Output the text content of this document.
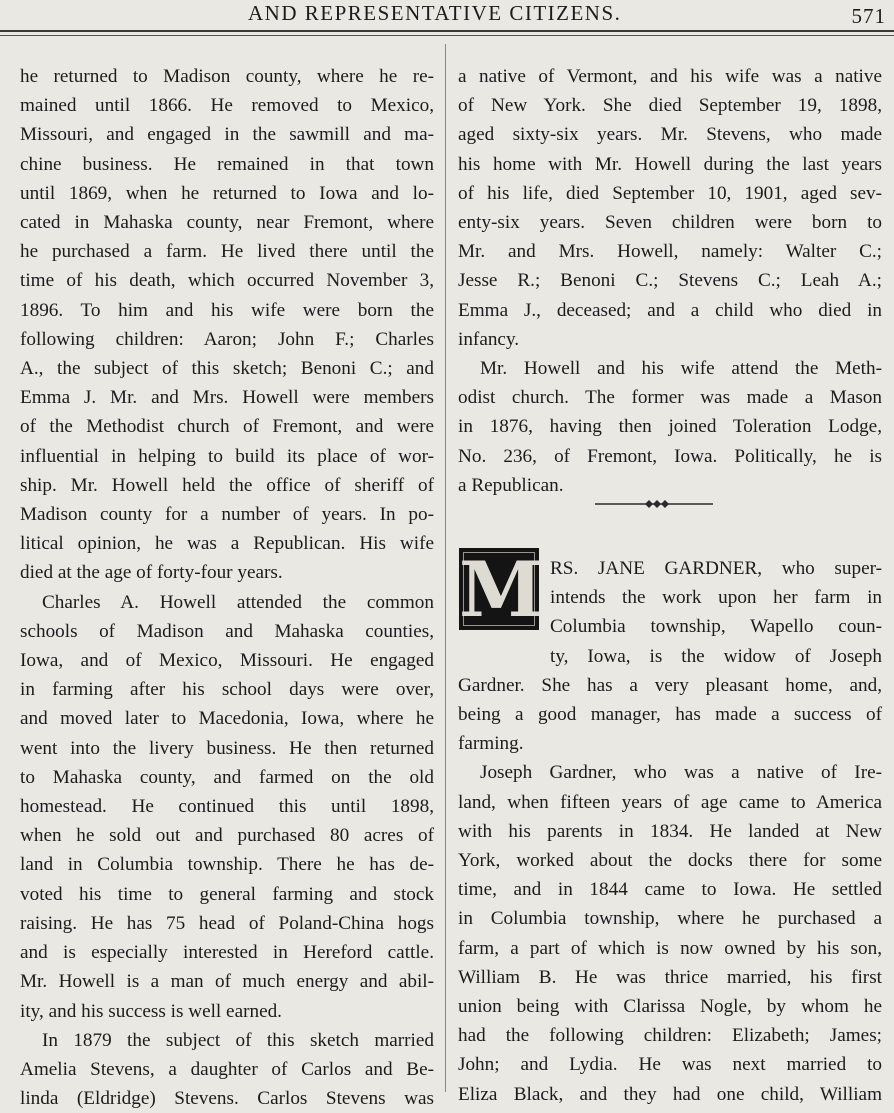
AND REPRESENTATIVE CITIZENS.	571

he returned to Madison county, where he re-
mained until 1866. He removed to Mexico,
Missouri, and engaged in the sawmill and ma-
chine business. He remained in that town
until 1869, when he returned to Iowa and lo-
cated in Mahaska county, near Fremont, where
he purchased a farm. He lived there until the
time of his death, which occurred November 3,
1896. To him and his wife were born the
following children: Aaron; John F.; Charles
A., the subject of this sketch; Benoni C.; and
Emma J. Mr. and Mrs. Howell were members
of the Methodist church of Fremont, and were
influential in helping to build its place of wor-
ship. Mr. Howell held the office of sheriff of
Madison county for a number of years. In po-
litical opinion, he was a Republican. His wife
died at the age of forty-four years.

Charles A. Howell attended the common
schools of Madison and Mahaska counties,
Iowa, and of Mexico, Missouri. He engaged
in farming after his school days were over,
and moved later to Macedonia, Iowa, where he
went into the livery business. He then returned
to Mahaska county, and farmed on the old
homestead. He continued this until 1898,
when he sold out and purchased 80 acres of
land in Columbia township. There he has de-
voted his time to general farming and stock
raising. He has 75 head of Poland-China hogs
and is especially interested in Hereford cattle.
Mr. Howell is a man of much energy and abil-
ity, and his success is well earned.

In 1879 the subject of this sketch married
Amelia Stevens, a daughter of Carlos and Be-
linda (Eldridge) Stevens. Carlos Stevens was

a native of Vermont, and his wife was a native
of New York. She died September 19, 1898,
aged sixty-six years. Mr. Stevens, who made
his home with Mr. Howell during the last years
of his life, died September 10, 1901, aged sev-
enty-six years. Seven children were born to
Mr. and Mrs. Howell, namely: Walter C.;
Jesse R.; Benoni C.; Stevens C.; Leah A.;
Emma J., deceased; and a child who died in
infancy.

Mr. Howell and his wife attend the Meth-
odist church. The former was made a Mason
in 1876, having then joined Toleration Lodge,
No. 236, of Fremont, Iowa. Politically, he is
a Republican.

M RS. JANE GARDNER, who super-
intends the work upon her farm in
Columbia township, Wapello coun-
ty, Iowa, is the widow of Joseph
Gardner. She has a very pleasant home, and,
being a good manager, has made a success of
farming.

Joseph Gardner, who was a native of Ire-
land, when fifteen years of age came to America
with his parents in 1834. He landed at New
York, worked about the docks there for some
time, and in 1844 came to Iowa. He settled
in Columbia township, where he purchased a
farm, a part of which is now owned by his son,
William B. He was thrice married, his first
union being with Clarissa Nogle, by whom he
had the following children: Elizabeth; James;
John; and Lydia. He was next married to
Eliza Black, and they had one child, William
